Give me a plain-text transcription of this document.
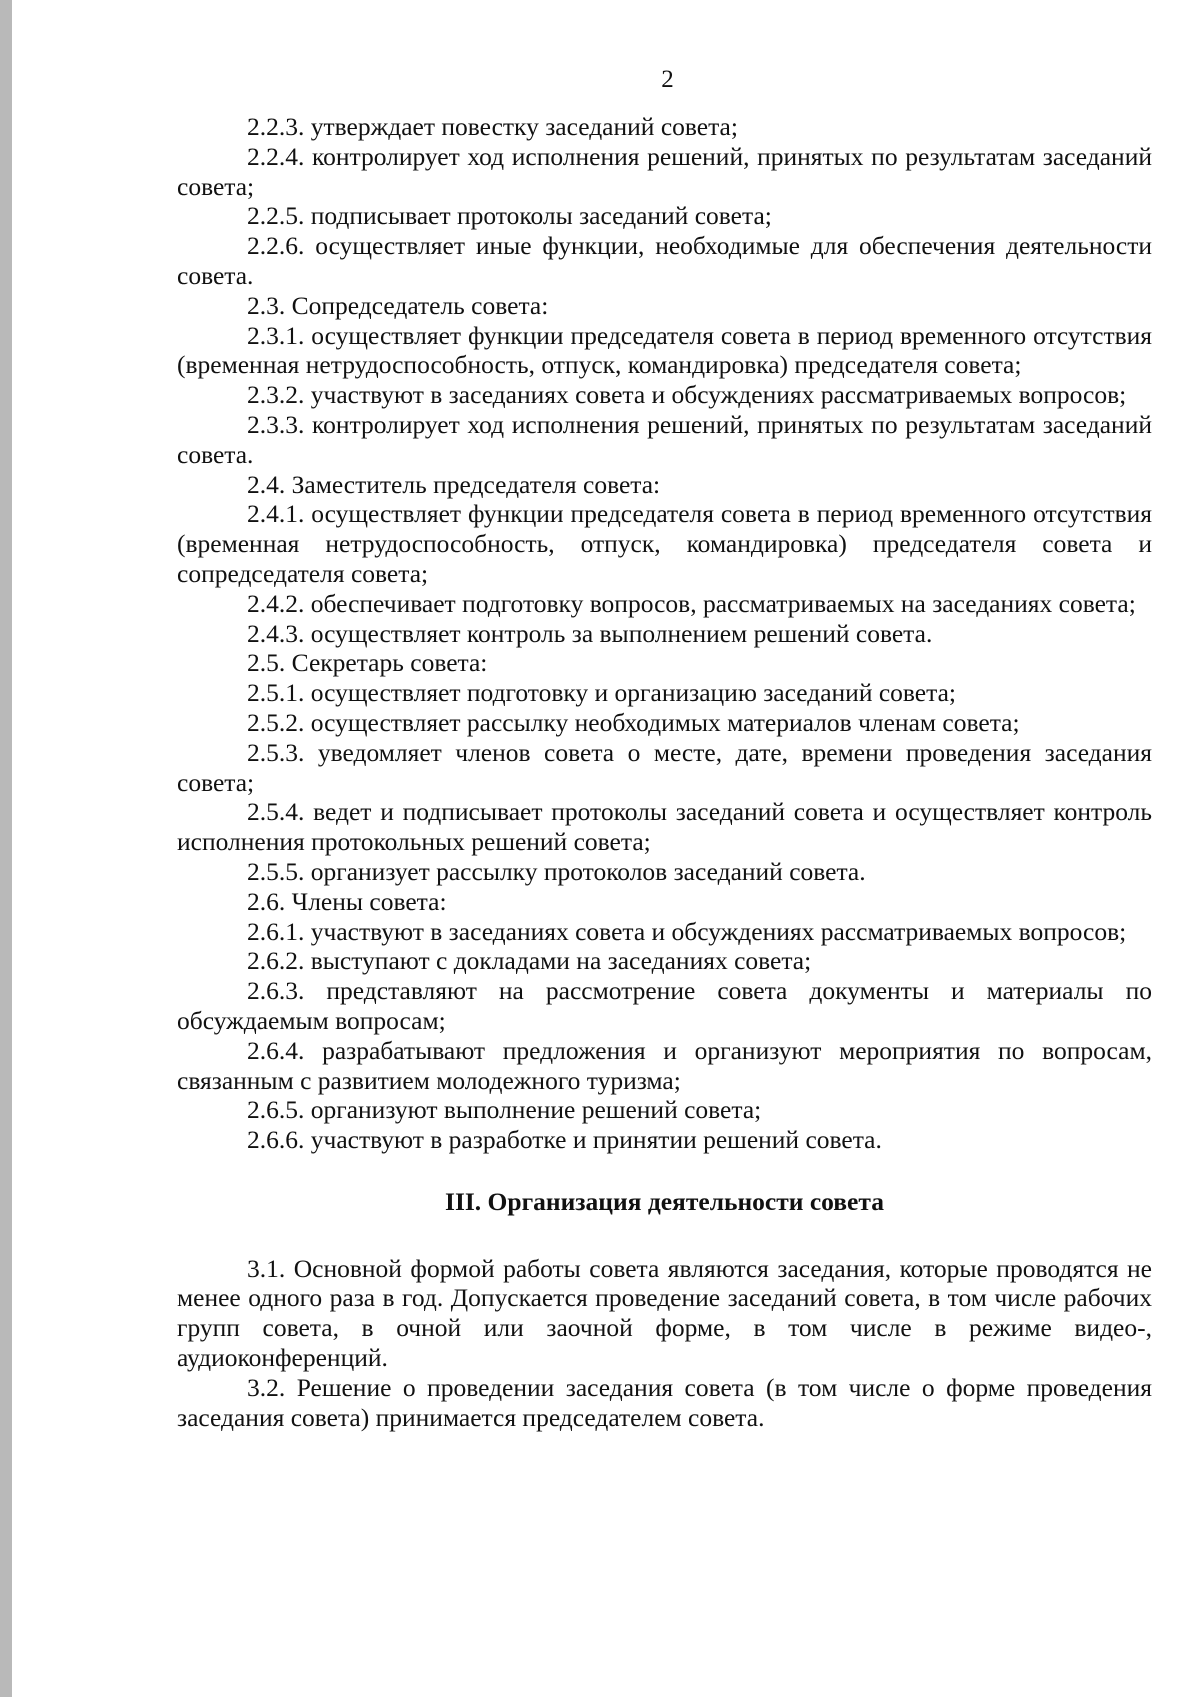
2

2.2.3. утверждает повестку заседаний совета;

2.2.4. контролирует ход исполнения решений, принятых по результатам заседаний совета;

2.2.5. подписывает протоколы заседаний совета;

2.2.6. осуществляет иные функции, необходимые для обеспечения деятельности совета.

2.3. Сопредседатель совета:

2.3.1. осуществляет функции председателя совета в период временного отсутствия (временная нетрудоспособность, отпуск, командировка) председателя совета;

2.3.2. участвуют в заседаниях совета и обсуждениях рассматриваемых вопросов;

2.3.3. контролирует ход исполнения решений, принятых по результатам заседаний совета.

2.4. Заместитель председателя совета:

2.4.1. осуществляет функции председателя совета в период временного отсутствия (временная нетрудоспособность, отпуск, командировка) председателя совета и сопредседателя совета;

2.4.2. обеспечивает подготовку вопросов, рассматриваемых на заседаниях совета;

2.4.3. осуществляет контроль за выполнением решений совета.

2.5. Секретарь совета:

2.5.1. осуществляет подготовку и организацию заседаний совета;

2.5.2. осуществляет рассылку необходимых материалов членам совета;

2.5.3. уведомляет членов совета о месте, дате, времени проведения заседания совета;

2.5.4. ведет и подписывает протоколы заседаний совета и осуществляет контроль исполнения протокольных решений совета;

2.5.5. организует рассылку протоколов заседаний совета.

2.6. Члены совета:

2.6.1. участвуют в заседаниях совета и обсуждениях рассматриваемых вопросов;

2.6.2. выступают с докладами на заседаниях совета;

2.6.3. представляют на рассмотрение совета документы и материалы по обсуждаемым вопросам;

2.6.4. разрабатывают предложения и организуют мероприятия по вопросам, связанным с развитием молодежного туризма;

2.6.5. организуют выполнение решений совета;

2.6.6. участвуют в разработке и принятии решений совета.

III. Организация деятельности совета

3.1. Основной формой работы совета являются заседания, которые проводятся не менее одного раза в год. Допускается проведение заседаний совета, в том числе рабочих групп совета, в очной или заочной форме, в том числе в режиме видео-, аудиоконференций.

3.2. Решение о проведении заседания совета (в том числе о форме проведения заседания совета) принимается председателем совета.
